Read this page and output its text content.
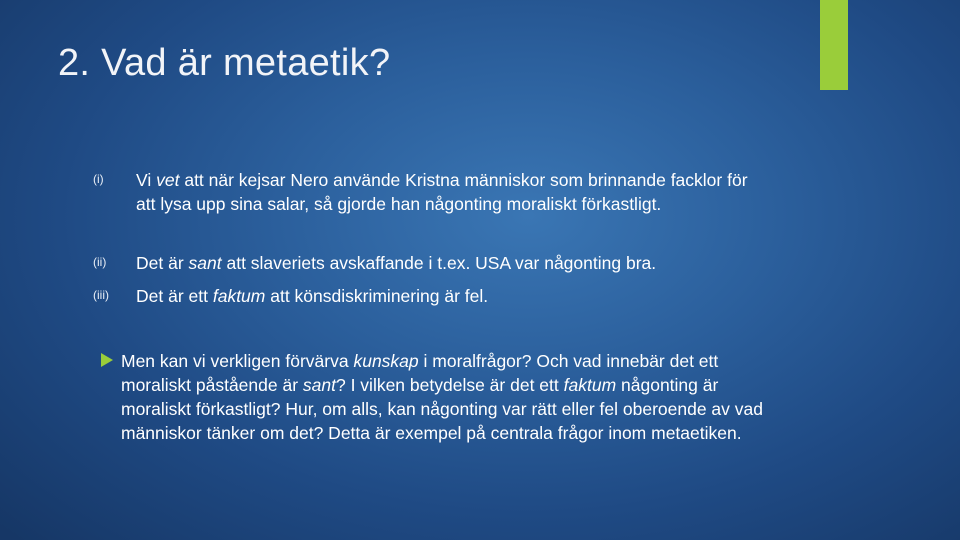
2. Vad är metaetik?
(i) Vi vet att när kejsar Nero använde Kristna människor som brinnande facklor för att lysa upp sina salar, så gjorde han någonting moraliskt förkastligt.
(ii) Det är sant att slaveriets avskaffande i t.ex. USA var någonting bra.
(iii) Det är ett faktum att könsdiskriminering är fel.
Men kan vi verkligen förvärva kunskap i moralfrågor? Och vad innebär det ett moraliskt påstående är sant? I vilken betydelse är det ett faktum någonting är moraliskt förkastligt? Hur, om alls, kan någonting var rätt eller fel oberoende av vad människor tänker om det? Detta är exempel på centrala frågor inom metaetiken.
